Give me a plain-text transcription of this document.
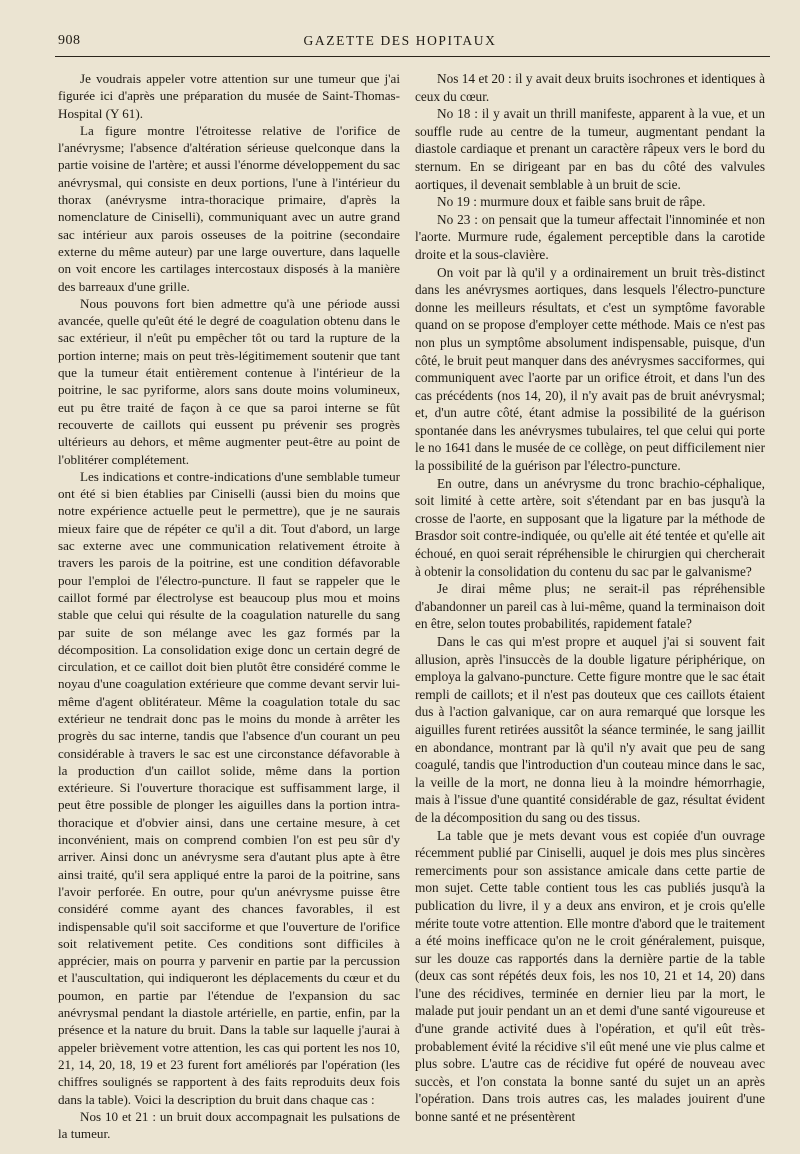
908	GAZETTE DES HOPITAUX

Je voudrais appeler votre attention sur une tumeur que j'ai figurée ici d'après une préparation du musée de Saint-Thomas-Hospital (Y 61).

La figure montre l'étroitesse relative de l'orifice de l'anévrysme; l'absence d'altération sérieuse quelconque dans la partie voisine de l'artère; et aussi l'énorme développement du sac anévrysmal, qui consiste en deux portions, l'une à l'intérieur du thorax (anévrysme intra-thoracique primaire, d'après la nomenclature de Ciniselli), communiquant avec un autre grand sac intérieur aux parois osseuses de la poitrine (secondaire externe du même auteur) par une large ouverture, dans laquelle on voit encore les cartilages intercostaux disposés à la manière des barreaux d'une grille.

Nous pouvons fort bien admettre qu'à une période aussi avancée, quelle qu'eût été le degré de coagulation obtenu dans le sac extérieur, il n'eût pu empêcher tôt ou tard la rupture de la portion interne; mais on peut très-légitimement soutenir que tant que la tumeur était entièrement contenue à l'intérieur de la poitrine, le sac pyriforme, alors sans doute moins volumineux, eut pu être traité de façon à ce que sa paroi interne se fût recouverte de caillots qui eussent pu prévenir ses progrès ultérieurs au dehors, et même augmenter peut-être au point de l'oblitérer complétement.

Les indications et contre-indications d'une semblable tumeur ont été si bien établies par Ciniselli (aussi bien du moins que notre expérience actuelle peut le permettre), que je ne saurais mieux faire que de répéter ce qu'il a dit. Tout d'abord, un large sac externe avec une communication relativement étroite à travers les parois de la poitrine, est une condition défavorable pour l'emploi de l'électro-puncture. Il faut se rappeler que le caillot formé par électrolyse est beaucoup plus mou et moins stable que celui qui résulte de la coagulation naturelle du sang par suite de son mélange avec les gaz formés par la décomposition. La consolidation exige donc un certain degré de circulation, et ce caillot doit bien plutôt être considéré comme le noyau d'une coagulation extérieure que comme devant servir lui-même d'agent oblitérateur. Même la coagulation totale du sac extérieur ne tendrait donc pas le moins du monde à arrêter les progrès du sac interne, tandis que l'absence d'un courant un peu considérable à travers le sac est une circonstance défavorable à la production d'un caillot solide, même dans la portion extérieure. Si l'ouverture thoracique est suffisamment large, il peut être possible de plonger les aiguilles dans la portion intra-thoracique et d'obvier ainsi, dans une certaine mesure, à cet inconvénient, mais on comprend combien l'on est peu sûr d'y arriver. Ainsi donc un anévrysme sera d'autant plus apte à être ainsi traité, qu'il sera appliqué entre la paroi de la poitrine, sans l'avoir perforée. En outre, pour qu'un anévrysme puisse être considéré comme ayant des chances favorables, il est indispensable qu'il soit sacciforme et que l'ouverture de l'orifice soit relativement petite. Ces conditions sont difficiles à apprécier, mais on pourra y parvenir en partie par la percussion et l'auscultation, qui indiqueront les déplacements du cœur et du poumon, en partie par l'étendue de l'expansion du sac anévrysmal pendant la diastole artérielle, en partie, enfin, par la présence et la nature du bruit. Dans la table sur laquelle j'aurai à appeler brièvement votre attention, les cas qui portent les nos 10, 21, 14, 20, 18, 19 et 23 furent fort améliorés par l'opération (les chiffres soulignés se rapportent à des faits reproduits deux fois dans la table). Voici la description du bruit dans chaque cas :

Nos 10 et 21 : un bruit doux accompagnait les pulsations de la tumeur.

Nos 14 et 20 : il y avait deux bruits isochrones et identiques à ceux du cœur.

No 18 : il y avait un thrill manifeste, apparent à la vue, et un souffle rude au centre de la tumeur, augmentant pendant la diastole cardiaque et prenant un caractère râpeux vers le bord du sternum. En se dirigeant par en bas du côté des valvules aortiques, il devenait semblable à un bruit de scie.

No 19 : murmure doux et faible sans bruit de râpe.

No 23 : on pensait que la tumeur affectait l'innominée et non l'aorte. Murmure rude, également perceptible dans la carotide droite et la sous-clavière.

On voit par là qu'il y a ordinairement un bruit très-distinct dans les anévrysmes aortiques, dans lesquels l'électro-puncture donne les meilleurs résultats, et c'est un symptôme favorable quand on se propose d'employer cette méthode. Mais ce n'est pas non plus un symptôme absolument indispensable, puisque, d'un côté, le bruit peut manquer dans des anévrysmes sacciformes, qui communiquent avec l'aorte par un orifice étroit, et dans l'un des cas précédents (nos 14, 20), il n'y avait pas de bruit anévrysmal; et, d'un autre côté, étant admise la possibilité de la guérison spontanée dans les anévrysmes tubulaires, tel que celui qui porte le no 1641 dans le musée de ce collège, on peut difficilement nier la possibilité de la guérison par l'électro-puncture.

En outre, dans un anévrysme du tronc brachio-céphalique, soit limité à cette artère, soit s'étendant par en bas jusqu'à la crosse de l'aorte, en supposant que la ligature par la méthode de Brasdor soit contre-indiquée, ou qu'elle ait été tentée et qu'elle ait échoué, en quoi serait répréhensible le chirurgien qui chercherait à obtenir la consolidation du contenu du sac par le galvanisme?

Je dirai même plus; ne serait-il pas répréhensible d'abandonner un pareil cas à lui-même, quand la terminaison doit en être, selon toutes probabilités, rapidement fatale?

Dans le cas qui m'est propre et auquel j'ai si souvent fait allusion, après l'insuccès de la double ligature périphérique, on employa la galvano-puncture. Cette figure montre que le sac était rempli de caillots; et il n'est pas douteux que ces caillots étaient dus à l'action galvanique, car on aura remarqué que lorsque les aiguilles furent retirées aussitôt la séance terminée, le sang jaillit en abondance, montrant par là qu'il n'y avait que peu de sang coagulé, tandis que l'introduction d'un couteau mince dans le sac, la veille de la mort, ne donna lieu à la moindre hémorrhagie, mais à l'issue d'une quantité considérable de gaz, résultat évident de la décomposition du sang ou des tissus.

La table que je mets devant vous est copiée d'un ouvrage récemment publié par Ciniselli, auquel je dois mes plus sincères remerciments pour son assistance amicale dans cette partie de mon sujet. Cette table contient tous les cas publiés jusqu'à la publication du livre, il y a deux ans environ, et je crois qu'elle mérite toute votre attention. Elle montre d'abord que le traitement a été moins inefficace qu'on ne le croit généralement, puisque, sur les douze cas rapportés dans la dernière partie de la table (deux cas sont répétés deux fois, les nos 10, 21 et 14, 20) dans l'une des récidives, terminée en dernier lieu par la mort, le malade put jouir pendant un an et demi d'une santé vigoureuse et d'une grande activité dues à l'opération, et qu'il eût très-probablement évité la récidive s'il eût mené une vie plus calme et plus sobre. L'autre cas de récidive fut opéré de nouveau avec succès, et l'on constata la bonne santé du sujet un an après l'opération. Dans trois autres cas, les malades jouirent d'une bonne santé et ne présentèrent
